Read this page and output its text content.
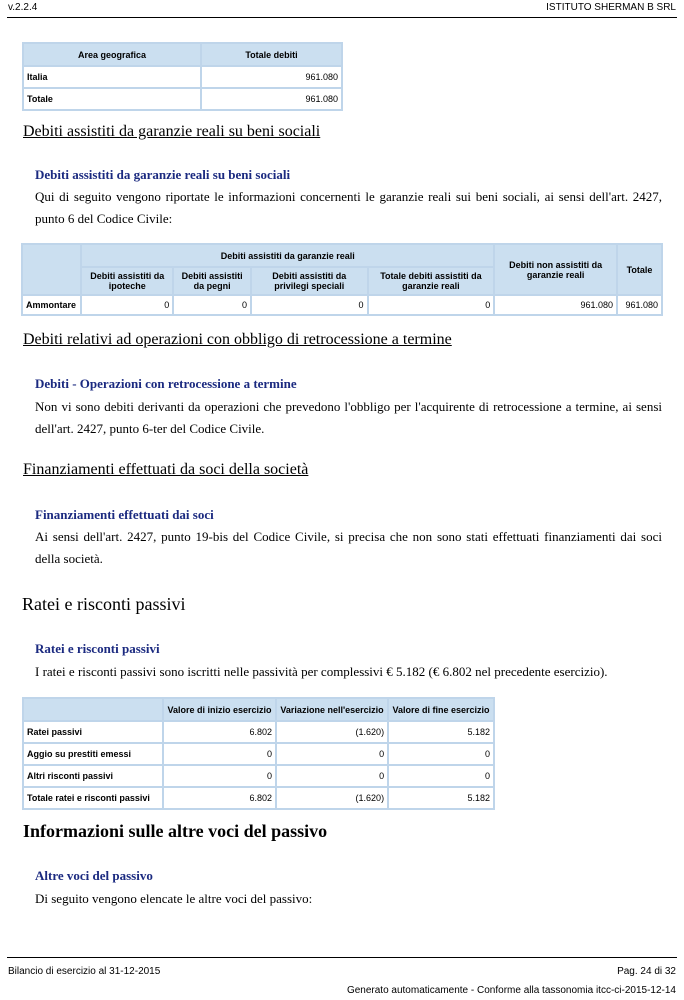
v.2.2.4	ISTITUTO SHERMAN B SRL
Area geografica	Totale debiti
Italia	961.080
Totale	961.080
Debiti assistiti da garanzie reali su beni sociali
Debiti assistiti da garanzie reali su beni sociali
Qui di seguito vengono riportate le informazioni concernenti le garanzie reali sui beni sociali, ai sensi dell'art. 2427, punto 6 del Codice Civile:
	Debiti assistiti da garanzie reali				Debiti non assistiti da garanzie reali	Totale
	Debiti assistiti da ipoteche	Debiti assistiti da pegni	Debiti assistiti da privilegi speciali	Totale debiti assistiti da garanzie reali		
Ammontare	0	0	0	0	961.080	961.080
Debiti relativi ad operazioni con obbligo di retrocessione a termine
Debiti - Operazioni con retrocessione a termine
Non vi sono debiti derivanti da operazioni che prevedono l'obbligo per l'acquirente di retrocessione a termine, ai sensi dell'art. 2427, punto 6-ter del Codice Civile.
Finanziamenti effettuati da soci della società
Finanziamenti effettuati dai soci
Ai sensi dell'art. 2427, punto 19-bis del Codice Civile, si precisa che non sono stati effettuati finanziamenti dai soci della società.
Ratei e risconti passivi
Ratei e risconti passivi
I ratei e risconti passivi sono iscritti nelle passività per complessivi € 5.182 (€ 6.802 nel precedente esercizio).
	Valore di inizio esercizio	Variazione nell'esercizio	Valore di fine esercizio
Ratei passivi	6.802	(1.620)	5.182
Aggio su prestiti emessi	0	0	0
Altri risconti passivi	0	0	0
Totale ratei e risconti passivi	6.802	(1.620)	5.182
Informazioni sulle altre voci del passivo
Altre voci del passivo
Di seguito vengono elencate le altre voci del passivo:
Bilancio di esercizio al 31-12-2015	Pag. 24 di 32
Generato automaticamente - Conforme alla tassonomia itcc-ci-2015-12-14
